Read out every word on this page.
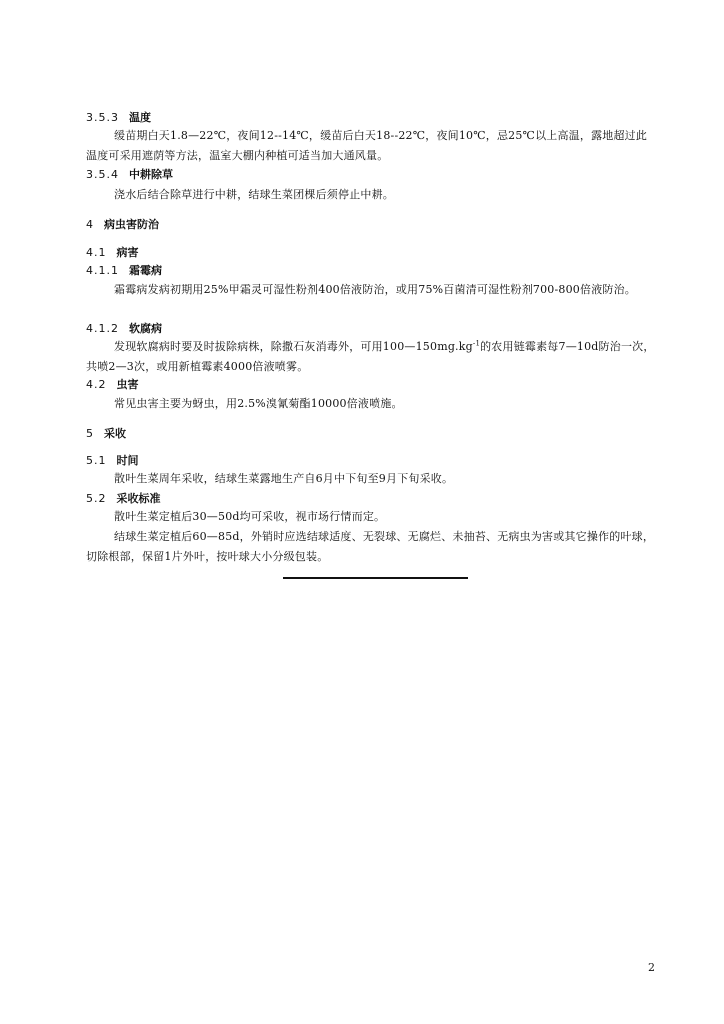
3.5.3 温度

缓苗期白天1.8—22℃，夜间12--14℃，缓苗后白天18--22℃，夜间10℃，忌25℃以上高温，露地超过此温度可采用遮荫等方法，温室大棚内种植可适当加大通风量。

3.5.4 中耕除草

浇水后结合除草进行中耕，结球生菜团棵后须停止中耕。

4 病虫害防治
4.1 病害
4.1.1 霜霉病

霜霉病发病初期用25%甲霜灵可湿性粉剂400倍液防治，或用75%百菌清可湿性粉剂700-800倍液防治。

4.1.2 软腐病

发现软腐病时要及时拔除病株，除撒石灰消毒外，可用$100—150mg.kg^{-1}$的农用链霉素每7—10d防治一次，共喷2—3次，或用新植霉素4000倍液喷雾。

4.2 虫害

常见虫害主要为蚜虫，用2.5%溴氰菊酯10000倍液喷施。

5 采收
5.1 时间

散叶生菜周年采收，结球生菜露地生产自6月中下旬至9月下旬采收。

5.2 采收标准

散叶生菜定植后30—50d均可采收，视市场行情而定。

结球生菜定植后60—85d，外销时应选结球适度、无裂球、无腐烂、未抽苔、无病虫为害或其它操作的叶球，切除根部，保留1片外叶，按叶球大小分级包装。

2
